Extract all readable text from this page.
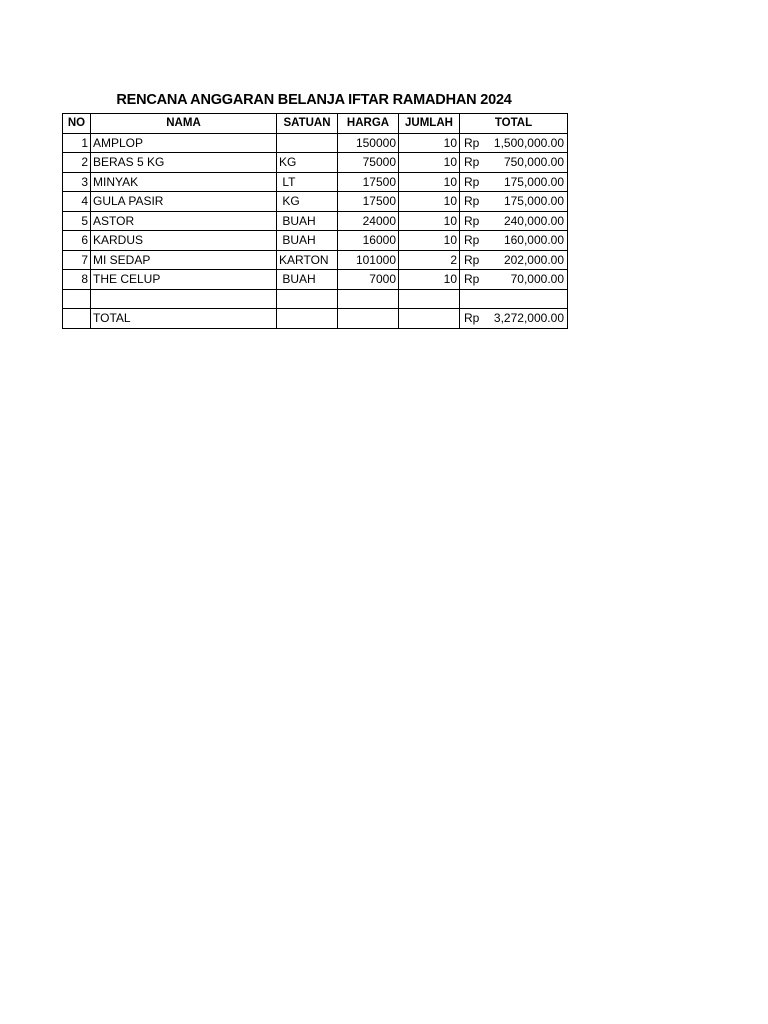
RENCANA ANGGARAN BELANJA IFTAR RAMADHAN 2024
NO	NAMA	SATUAN	HARGA	JUMLAH	TOTAL
1	AMPLOP		150000	10	Rp 1,500,000.00

2	BERAS 5 KG	KG	75000	10	Rp 750,000.00

3	MINYAK	LT	17500	10	Rp 175,000.00

4	GULA PASIR	KG	17500	10	Rp 175,000.00

5	ASTOR	BUAH	24000	10	Rp 240,000.00

6	KARDUS	BUAH	16000	10	Rp 160,000.00

7	MI SEDAP	KARTON	101000	2	Rp 202,000.00

8	THE CELUP	BUAH	7000	10	Rp 70,000.00

	TOTAL				Rp 3,272,000.00
